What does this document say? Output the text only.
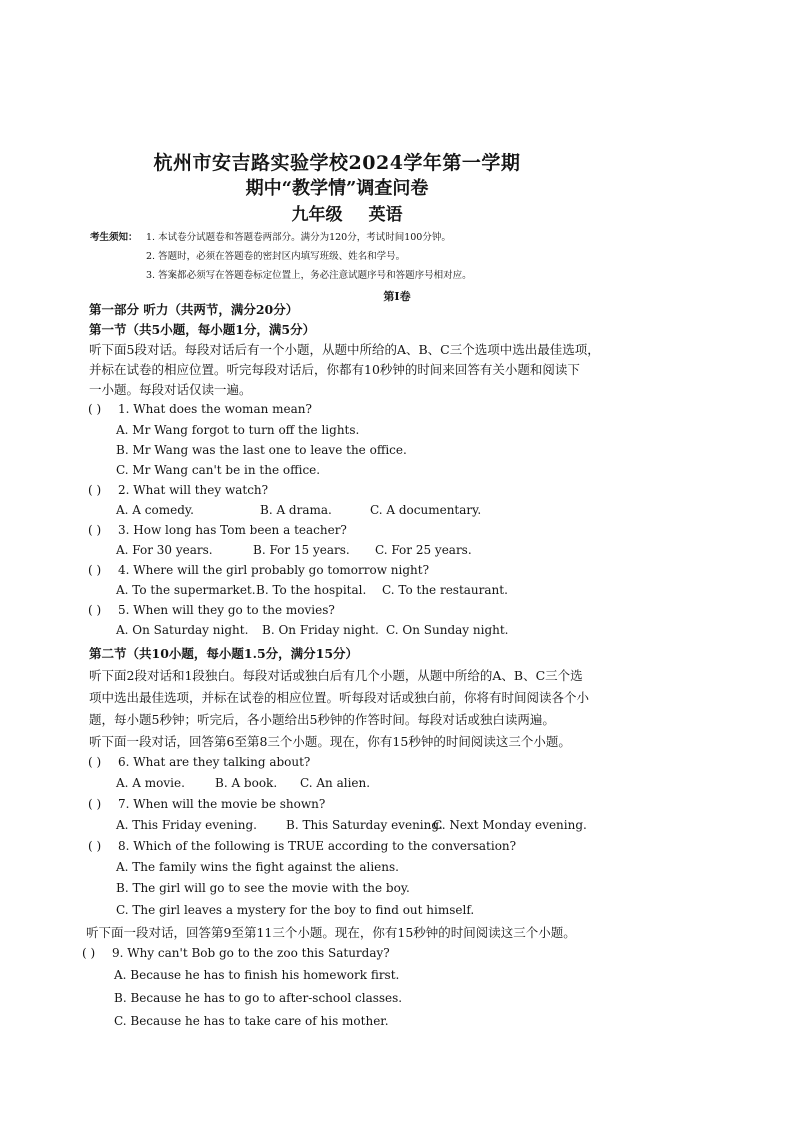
杭州市安吉路实验学校2024学年第一学期
期中“教学情”调查问卷
九年级 英语
考生须知： 1. 本试卷分试题卷和答题卷两部分。满分为120分，考试时间100分钟。
2. 答题时，必须在答题卷的密封区内填写班级、姓名和学号。
3. 答案都必须写在答题卷标定位置上，务必注意试题序号和答题序号相对应。
第Ⅰ卷
第一部分 听力（共两节，满分20分）
第一节（共5小题，每小题1分，满5分）
听下面5段对话。每段对话后有一个小题，从题中所给的A、B、C三个选项中选出最佳选项，
并标在试卷的相应位置。听完每段对话后，你都有10秒钟的时间来回答有关小题和阅读下
一小题。每段对话仅读一遍。
( ) 1. What does the woman mean?
A. Mr Wang forgot to turn off the lights.
B. Mr Wang was the last one to leave the office.
C. Mr Wang can't be in the office.
( ) 2. What will they watch?
A. A comedy.	B. A drama.	C. A documentary.
( ) 3. How long has Tom been a teacher?
A. For 30 years.	B. For 15 years. C. For 25 years.
( ) 4. Where will the girl probably go tomorrow night?
A. To the supermarket. B. To the hospital. C. To the restaurant.
( ) 5. When will they go to the movies?
A. On Saturday night. B. On Friday night. C. On Sunday night.
第二节（共10小题，每小题1.5分，满分15分）
听下面2段对话和1段独白。每段对话或独白后有几个小题，从题中所给的A、B、C三个选
项中选出最佳选项，并标在试卷的相应位置。听每段对话或独白前，你将有时间阅读各个小
题，每小题5秒钟；听完后，各小题给出5秒钟的作答时间。每段对话或独白读两遍。
听下面一段对话，回答第6至第8三个小题。现在，你有15秒钟的时间阅读这三个小题。
( ) 6. What are they talking about?
A. A movie.	B. A book. C. An alien.
( ) 7. When will the movie be shown?
A. This Friday evening. B. This Saturday evening.
C. Next Monday evening.
( ) 8. Which of the following is TRUE according to the conversation?
A. The family wins the fight against the aliens.
B. The girl will go to see the movie with the boy.
C. The girl leaves a mystery for the boy to find out himself.
听下面一段对话，回答第9至第11三个小题。现在，你有15秒钟的时间阅读这三个小题。
( ) 9. Why can't Bob go to the zoo this Saturday?
A. Because he has to finish his homework first.
B. Because he has to go to after-school classes.
C. Because he has to take care of his mother.
